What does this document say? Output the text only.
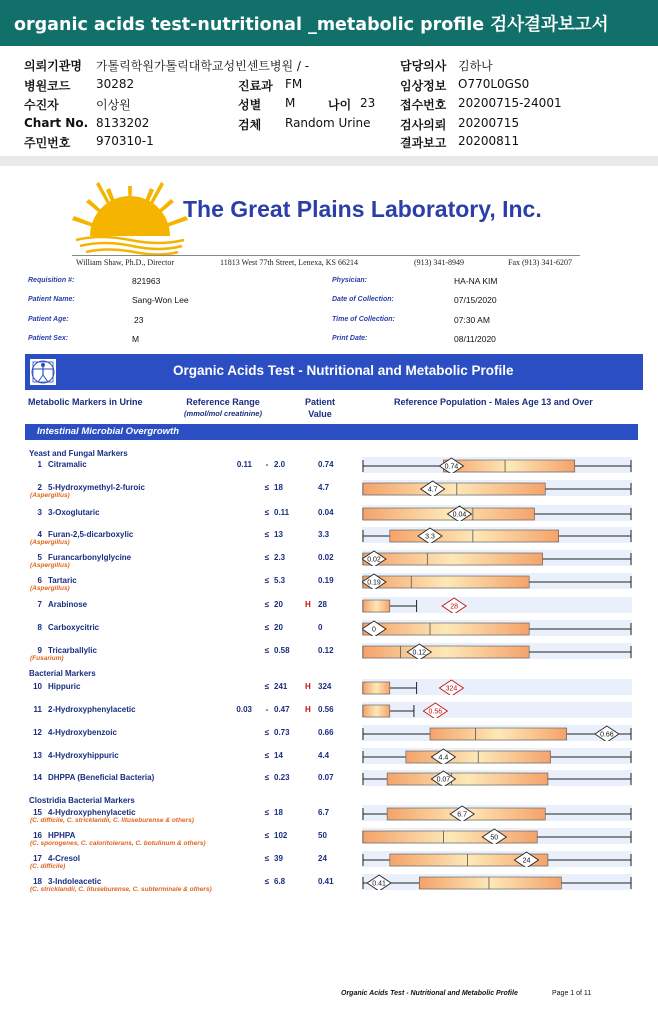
organic acids test-nutritional _metabolic profile 검사결과보고서
의뢰기관명 가톨릭학원가톨릭대학교성빈센트병원 / -
병원코드 30282
수진자	이상원
Chart No. 8133202
주민번호 970310-1
진료과 FM
성별 M	나이 23
검체 Random Urine
담당의사 김하나
임상정보 O770L0GS0
접수번호 20200715-24001
검사의뢰 20200715
결과보고 20200811
The Great Plains Laboratory, Inc.
William Shaw, Ph.D., Director	11813 West 77th Street, Lenexa, KS 66214	(913) 341-8949	Fax (913) 341-6207
Requisition #:	821963
Patient Name:	Sang-Won Lee
Patient Age:	23
Patient Sex:	M
Physician:	HA-NA KIM
Date of Collection:	07/15/2020
Time of Collection:	07:30 AM
Print Date:	08/11/2020
Organic Acids Test - Nutritional and Metabolic Profile
Metabolic Markers in Urine	Reference Range
(mmol/mol creatinine)
Patient
Value
Reference Population - Males Age 13 and Over
Intestinal Microbial Overgrowth
Yeast and Fungal Markers
Bacterial Markers
Clostridia Bacterial Markers
1 Citramalic	0.11	- 2.0	0.74	0.74
2 5-Hydroxymethyl-2-furoic
(Aspergillus)
≤ 18	4.7	4.7
3 3-Oxoglutaric	≤ 0.11	0.04	0.04
4 Furan-2,5-dicarboxylic
(Aspergillus)
≤ 13	3.3	3.3
5 Furancarbonylglycine
(Aspergillus)
≤ 2.3	0.02	0.02
6 Tartaric
(Aspergillus)
≤ 5.3	0.19	0.19
7 Arabinose	≤ 20	H 28	28
8 Carboxycitric	≤ 20	0	0
9 Tricarballylic
(Fusarium)
≤ 0.58	0.12	0.12
10 Hippuric	≤ 241 H 324	324
11 2-Hydroxyphenylacetic	0.03	- 0.47 H 0.56	0.56
12 4-Hydroxybenzoic	≤ 0.73	0.66	0.66
13 4-Hydroxyhippuric	≤ 14	4.4	4.4
14 DHPPA (Beneficial Bacteria)	≤ 0.23	0.07	0.07
15 4-Hydroxyphenylacetic
(C. difficile, C. stricklandii, C. lituseburense & others)
≤ 18	6.7	6.7
16 HPHPA
(C. sporogenes, C. caloritolerans, C. botulinum & others)
≤ 102	50	50
17 4-Cresol
(C. difficile)
≤ 39	24	24
18 3-Indoleacetic
(C. stricklandii, C. lituseburense, C. subterminale & others)
≤ 6.8	0.41	0.41
Organic Acids Test - Nutritional and Metabolic Profile	Page 1 of 11
